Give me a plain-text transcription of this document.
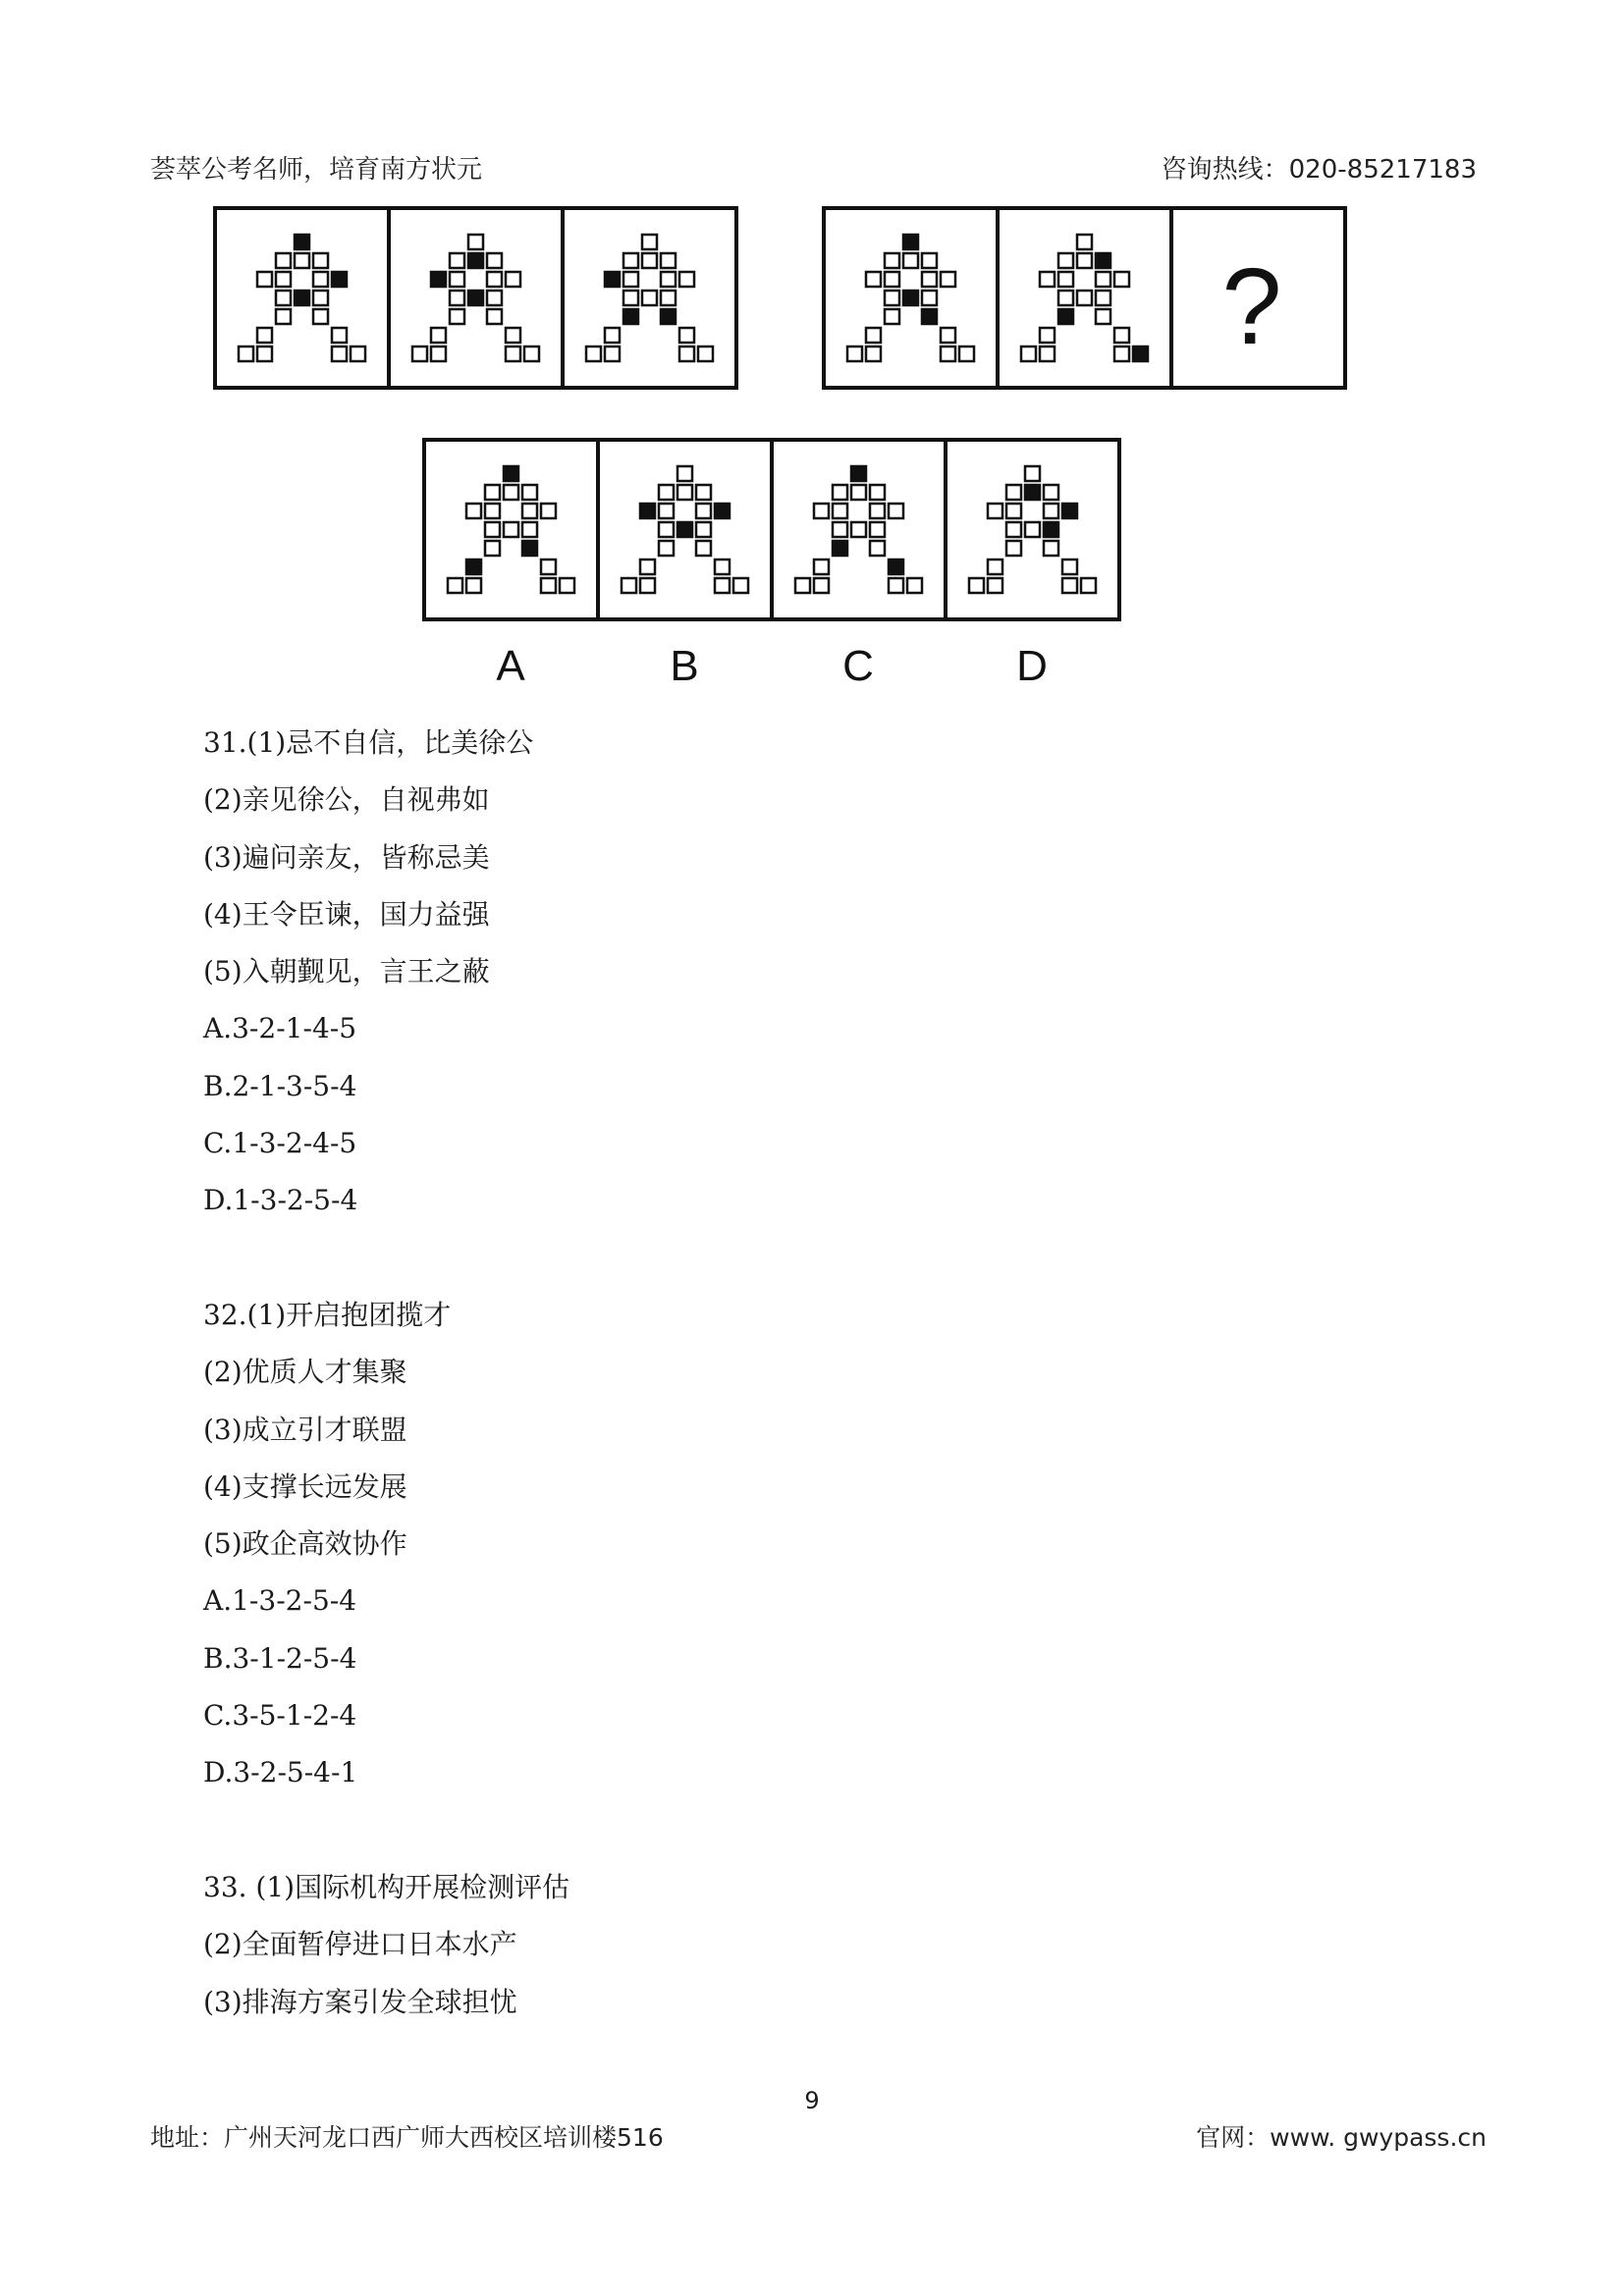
荟萃公考名师，培育南方状元	咨询热线：020-85217183
?
A	B	C	D
31.(1)忌不自信，比美徐公
(2)亲见徐公，自视弗如
(3)遍问亲友，皆称忌美
(4)王令臣谏，国力益强
(5)入朝觐见，言王之蔽
A.3-2-1-4-5
B.2-1-3-5-4
C.1-3-2-4-5
D.1-3-2-5-4
32.(1)开启抱团揽才
(2)优质人才集聚
(3)成立引才联盟
(4)支撑长远发展
(5)政企高效协作
A.1-3-2-5-4
B.3-1-2-5-4
C.3-5-1-2-4
D.3-2-5-4-1
33. (1)国际机构开展检测评估
(2)全面暂停进口日本水产
(3)排海方案引发全球担忧
9
地址：广州天河龙口西广师大西校区培训楼516	官网：www. gwypass.cn
